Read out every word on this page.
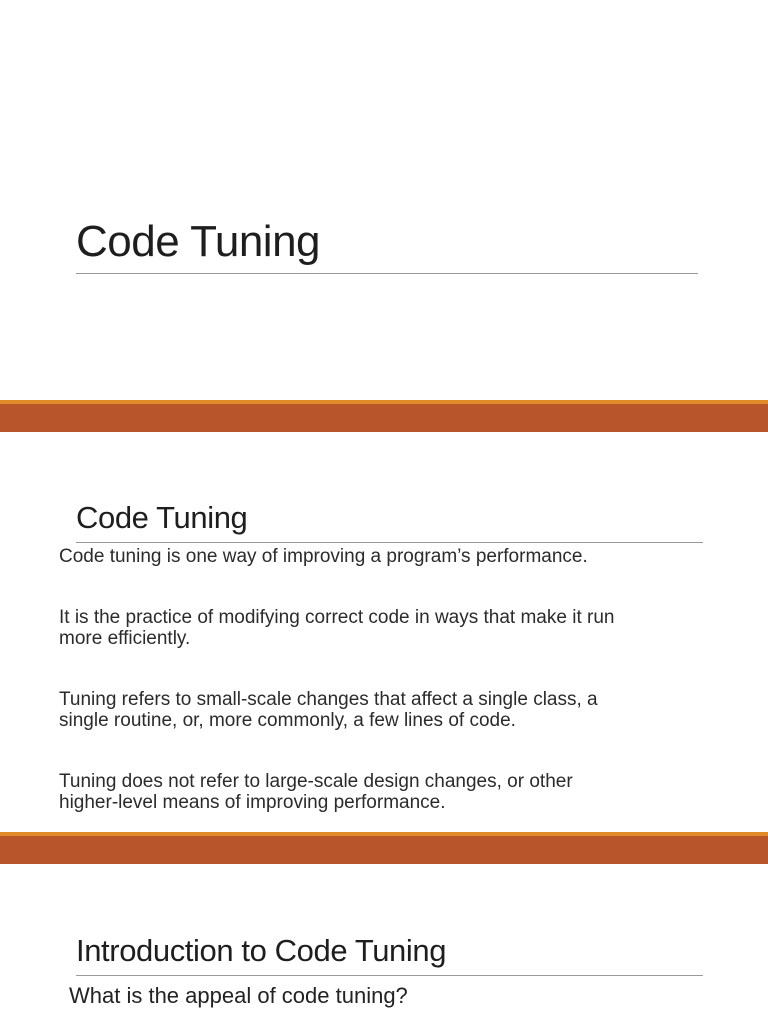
Code Tuning
Code Tuning
Code tuning is one way of improving a program’s performance.
It is the practice of modifying correct code in ways that make it run
more efficiently.
Tuning refers to small-scale changes that affect a single class, a
single routine, or, more commonly, a few lines of code.
Tuning does not refer to large-scale design changes, or other
higher-level means of improving performance.
Introduction to Code Tuning

What is the appeal of code tuning?
